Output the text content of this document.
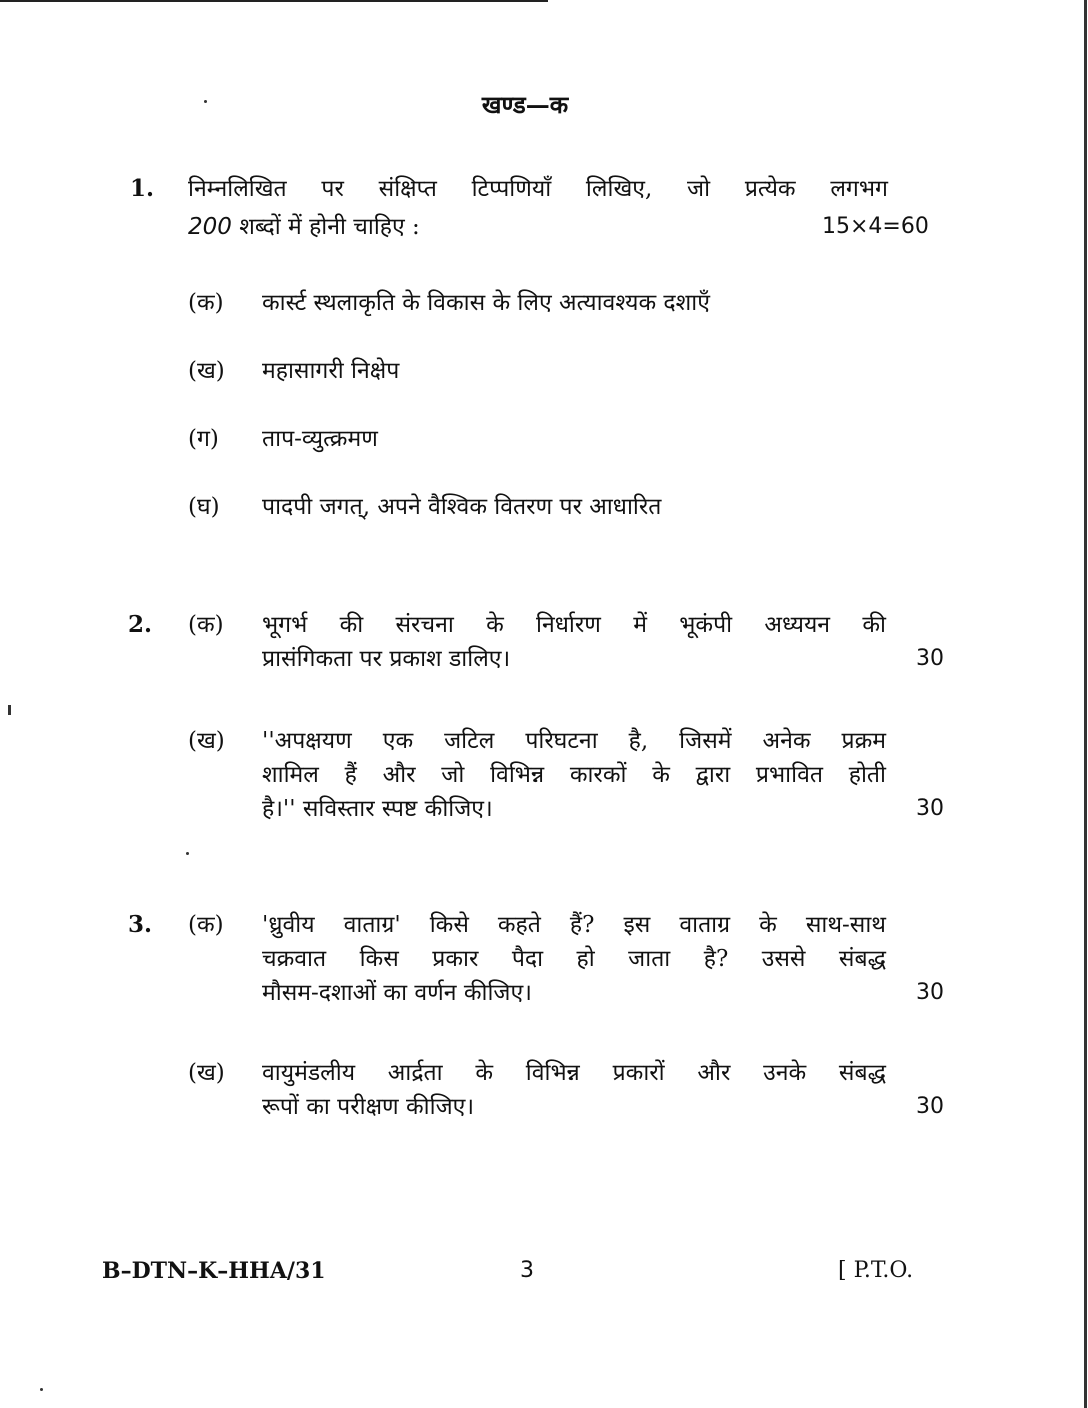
खण्ड—क
1. निम्नलिखित पर संक्षिप्त टिप्पणियाँ लिखिए, जो प्रत्येक लगभग
200 शब्दों में होनी चाहिए :	15×4=60
(क) कार्स्ट स्थलाकृति के विकास के लिए अत्यावश्यक दशाएँ
(ख) महासागरी निक्षेप
(ग) ताप-व्युत्क्रमण
(घ) पादपी जगत्, अपने वैश्विक वितरण पर आधारित
2. (क) भूगर्भ की संरचना के निर्धारण में भूकंपी अध्ययन की
प्रासंगिकता पर प्रकाश डालिए।	30
(ख) ''अपक्षयण एक जटिल परिघटना है, जिसमें अनेक प्रक्रम
शामिल हैं और जो विभिन्न कारकों के द्वारा प्रभावित होती
है।'' सविस्तार स्पष्ट कीजिए।	30
3. (क) 'ध्रुवीय वाताग्र' किसे कहते हैं? इस वाताग्र के साथ-साथ
चक्रवात किस प्रकार पैदा हो जाता है? उससे संबद्ध
मौसम-दशाओं का वर्णन कीजिए।	30
(ख) वायुमंडलीय आर्द्रता के विभिन्न प्रकारों और उनके संबद्ध
रूपों का परीक्षण कीजिए।	30
B–DTN–K–HHA/31	3	[ P.T.O.
